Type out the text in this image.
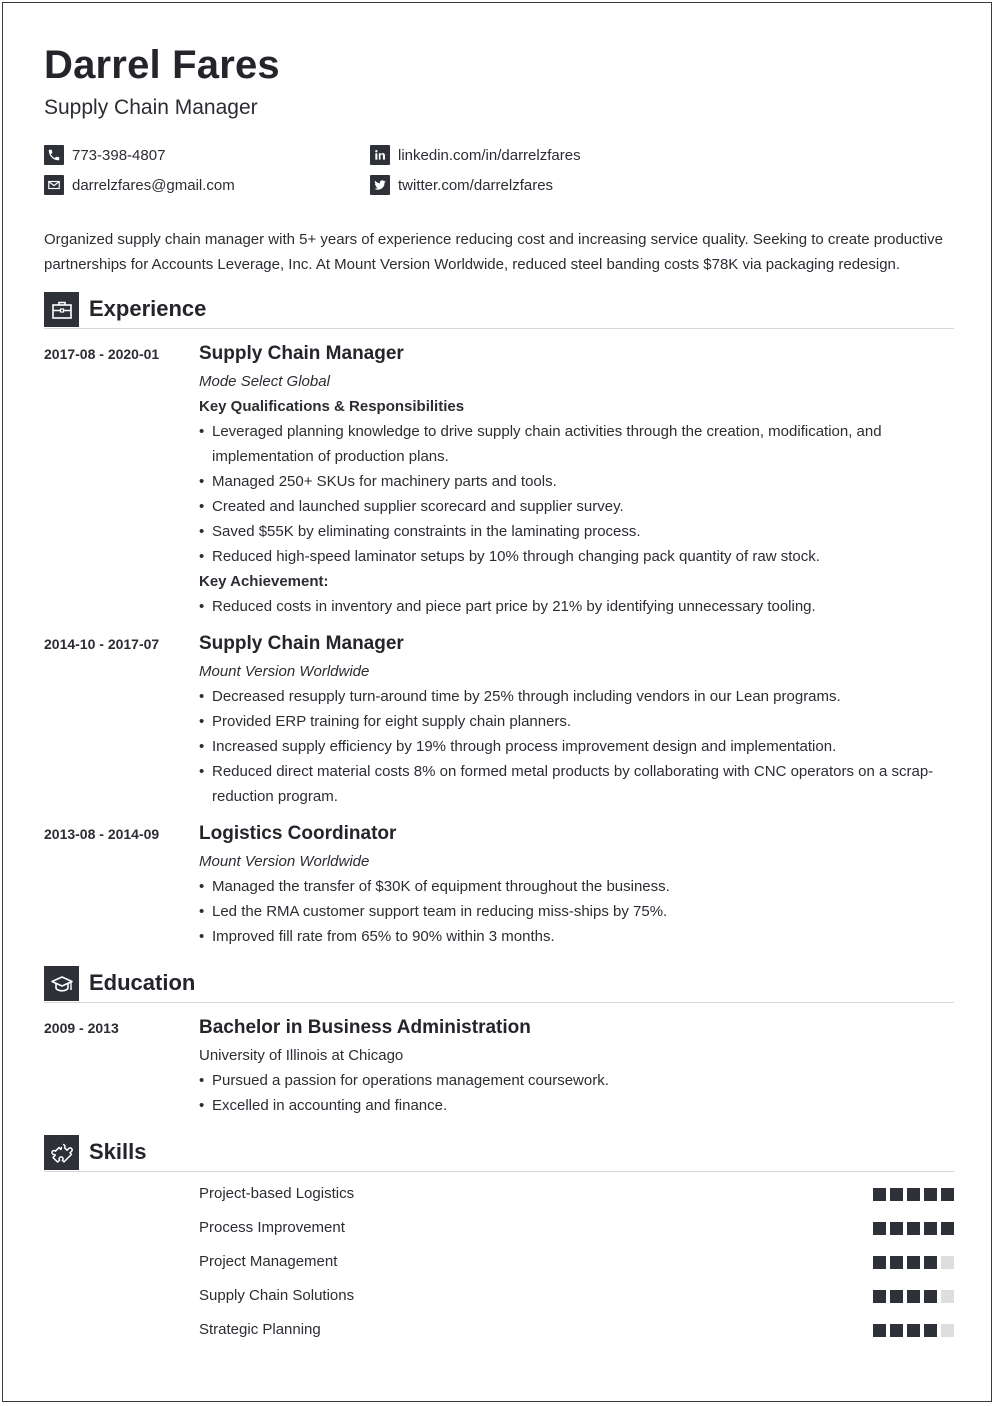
Darrel Fares
Supply Chain Manager
773-398-4807
darrelzfares@gmail.com
linkedin.com/in/darrelzfares
twitter.com/darrelzfares
Organized supply chain manager with 5+ years of experience reducing cost and increasing service quality. Seeking to create productive partnerships for Accounts Leverage, Inc. At Mount Version Worldwide, reduced steel banding costs $78K via packaging redesign.
Experience
2017-08 - 2020-01 Supply Chain Manager
Mode Select Global
Key Qualifications & Responsibilities
• Leveraged planning knowledge to drive supply chain activities through the creation, modification, and implementation of production plans.
• Managed 250+ SKUs for machinery parts and tools.
• Created and launched supplier scorecard and supplier survey.
• Saved $55K by eliminating constraints in the laminating process.
• Reduced high-speed laminator setups by 10% through changing pack quantity of raw stock.
Key Achievement:
• Reduced costs in inventory and piece part price by 21% by identifying unnecessary tooling.
2014-10 - 2017-07 Supply Chain Manager
Mount Version Worldwide
• Decreased resupply turn-around time by 25% through including vendors in our Lean programs.
• Provided ERP training for eight supply chain planners.
• Increased supply efficiency by 19% through process improvement design and implementation.
• Reduced direct material costs 8% on formed metal products by collaborating with CNC operators on a scrap-reduction program.
2013-08 - 2014-09 Logistics Coordinator
Mount Version Worldwide
• Managed the transfer of $30K of equipment throughout the business.
• Led the RMA customer support team in reducing miss-ships by 75%.
• Improved fill rate from 65% to 90% within 3 months.
Education
2009 - 2013	Bachelor in Business Administration
University of Illinois at Chicago
• Pursued a passion for operations management coursework.
• Excelled in accounting and finance.
Skills
Project-based Logistics
Process Improvement
Project Management
Supply Chain Solutions
Strategic Planning
